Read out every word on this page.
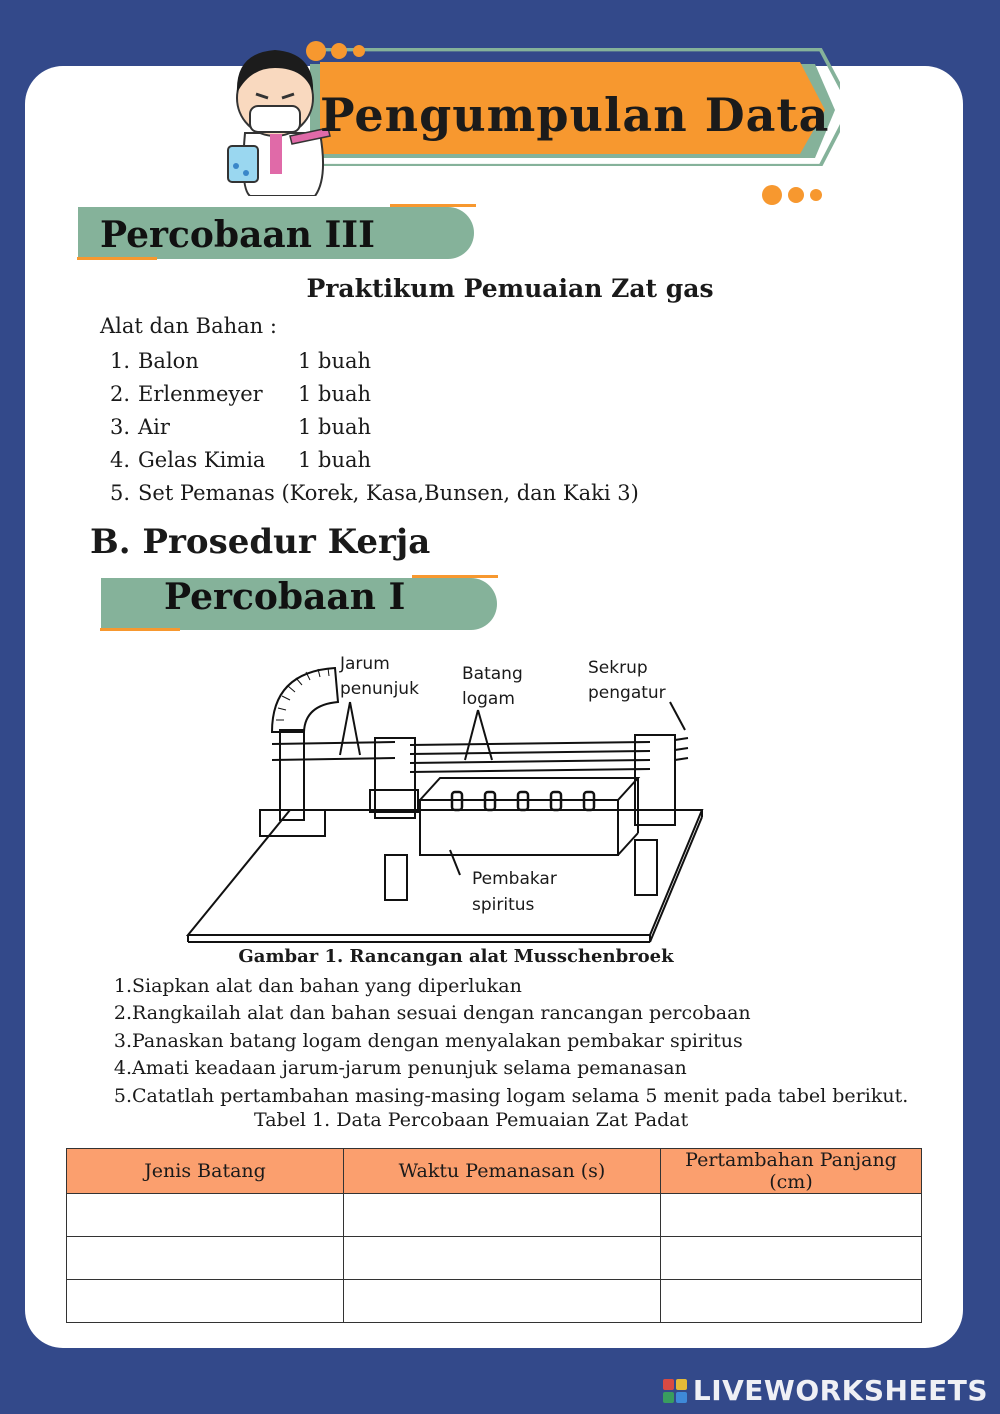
Pengumpulan Data
Percobaan III
Praktikum Pemuaian Zat gas
Alat dan Bahan :
1. Balon	1 buah
2. Erlenmeyer	1 buah
3. Air	1 buah
4. Gelas Kimia	1 buah
5. Set Pemanas (Korek, Kasa,Bunsen, dan Kaki 3)
B. Prosedur Kerja
Percobaan I
Jarum penunjuk
Batang logam
Sekrup pengatur
Pembakar spiritus
Gambar 1. Rancangan alat Musschenbroek
1. Siapkan alat dan bahan yang diperlukan
2. Rangkailah alat dan bahan sesuai dengan rancangan percobaan
3. Panaskan batang logam dengan menyalakan pembakar spiritus
4. Amati keadaan jarum-jarum penunjuk selama pemanasan
5. Catatlah pertambahan masing-masing logam selama 5 menit pada tabel berikut.
Tabel 1. Data Percobaan Pemuaian Zat Padat
Jenis Batang	Waktu Pemanasan (s)	Pertambahan Panjang (cm)

LIVEWORKSHEETS
